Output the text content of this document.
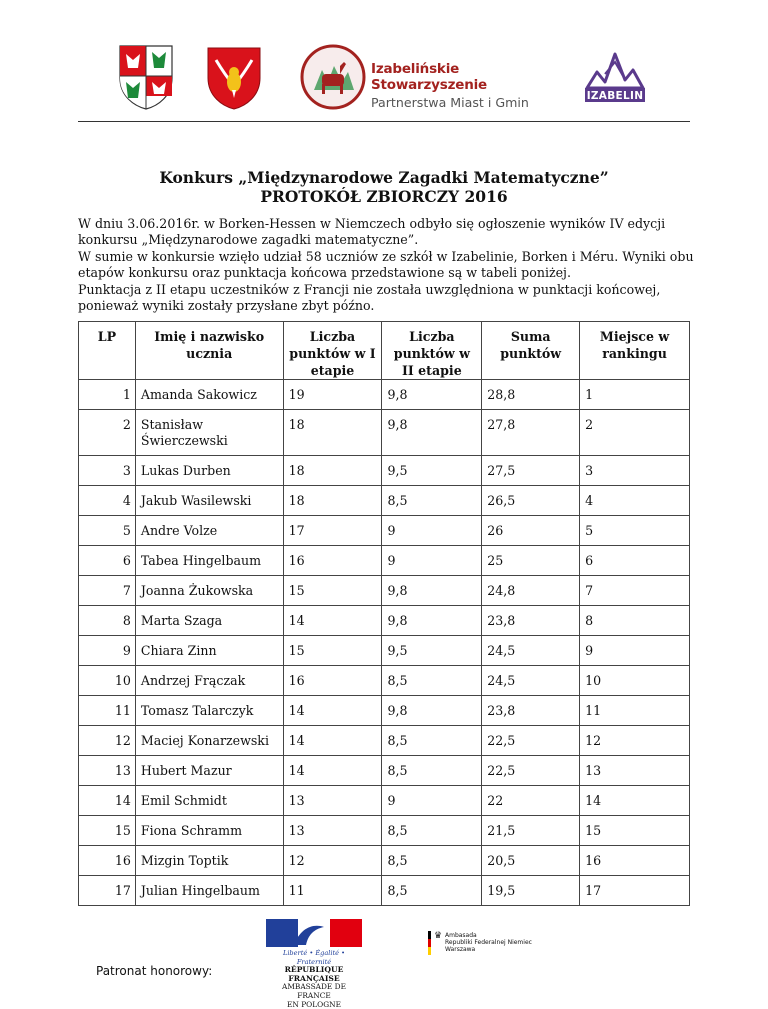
Izabelińskie Stowarzyszenie
Partnerstwa Miast i Gmin	IZABELIN
Konkurs „Międzynarodowe Zagadki Matematyczne”
PROTOKÓŁ ZBIORCZY 2016

W dniu 3.06.2016r. w Borken-Hessen w Niemczech odbyło się ogłoszenie wyników IV edycji konkursu „Międzynarodowe zagadki matematyczne”.

W sumie w konkursie wzięło udział 58 uczniów ze szkół w Izabelinie, Borken i Méru. Wyniki obu etapów konkursu oraz punktacja końcowa przedstawione są w tabeli poniżej.

Punktacja z II etapu uczestników z Francji nie została uwzględniona w punktacji końcowej, ponieważ wyniki zostały przysłane zbyt późno.

LP	Imię i nazwisko ucznia	Liczba punktów w I etapie	Liczba punktów w II etapie	Suma punktów	Miejsce w rankingu
1	Amanda Sakowicz	19	9,8	28,8	1
2	Stanisław Świerczewski	18	9,8	27,8	2
3	Lukas Durben	18	9,5	27,5	3
4	Jakub Wasilewski	18	8,5	26,5	4
5	Andre Volze	17	9	26	5
6	Tabea Hingelbaum	16	9	25	6
7	Joanna Żukowska	15	9,8	24,8	7
8	Marta Szaga	14	9,8	23,8	8
9	Chiara Zinn	15	9,5	24,5	9
10	Andrzej Frączak	16	8,5	24,5	10
11	Tomasz Talarczyk	14	9,8	23,8	11
12	Maciej Konarzewski	14	8,5	22,5	12
13	Hubert Mazur	14	8,5	22,5	13
14	Emil Schmidt	13	9	22	14
15	Fiona Schramm	13	8,5	21,5	15
16	Mizgin Toptik	12	8,5	20,5	16
17	Julian Hingelbaum	11	8,5	19,5	17
Patronat honorowy:
Liberté • Égalité • Fraternité
RÉPUBLIQUE FRANÇAISE
AMBASSADE DE FRANCE
EN POLOGNE
♛ Ambasada
Republiki Federalnej Niemiec
Warszawa
